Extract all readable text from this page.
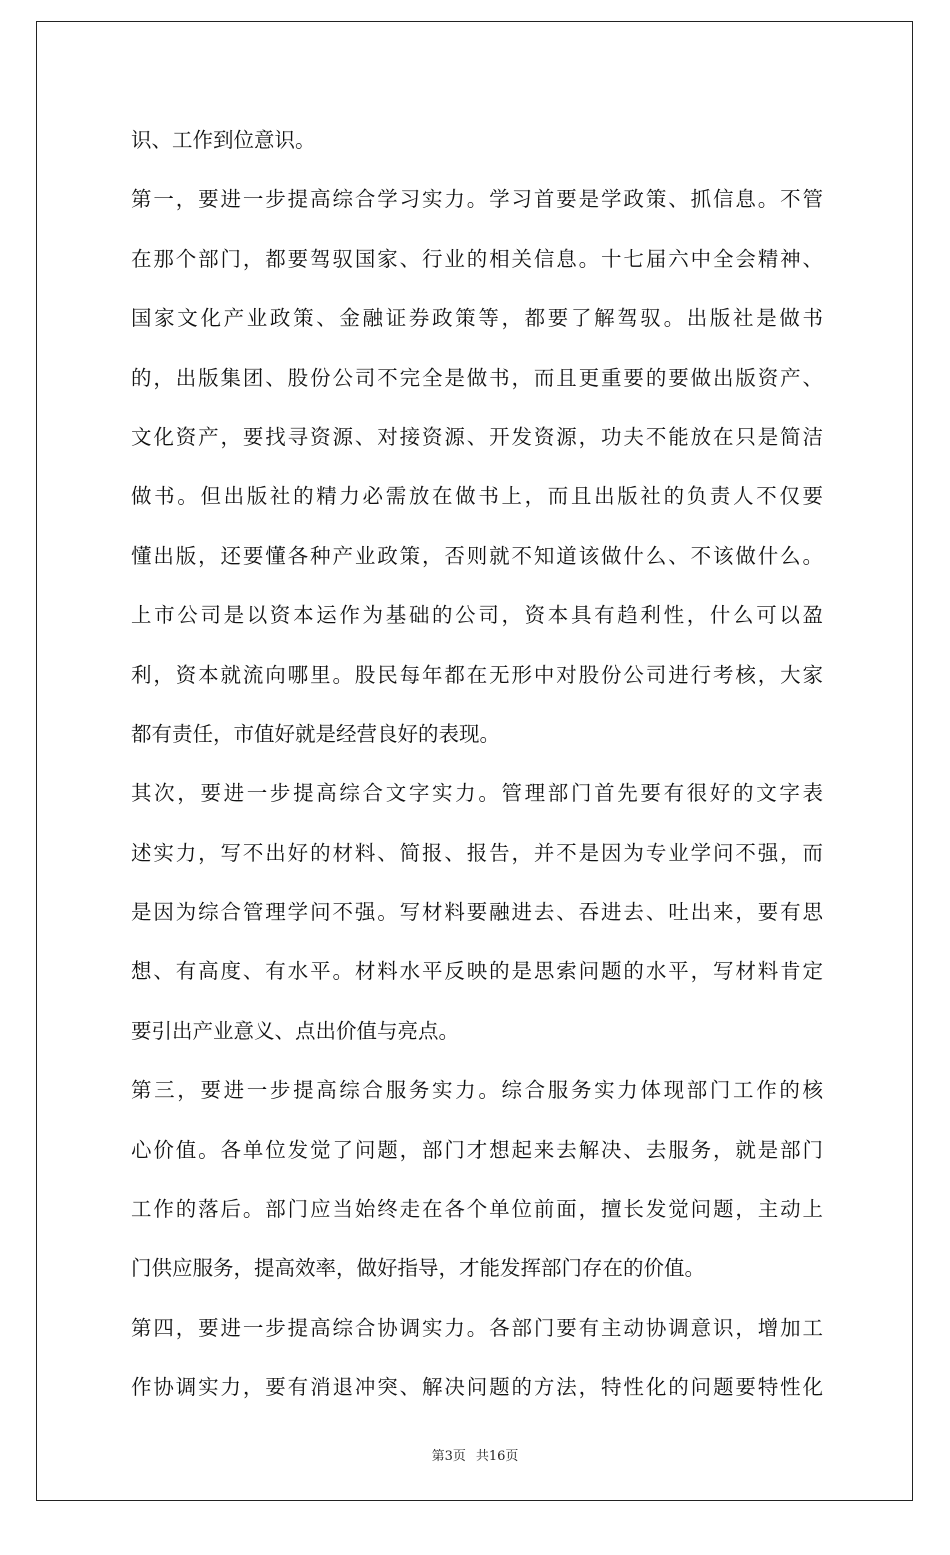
识、工作到位意识。
第一，要进一步提高综合学习实力。学习首要是学政策、抓信息。不管
在那个部门，都要驾驭国家、行业的相关信息。十七届六中全会精神、
国家文化产业政策、金融证券政策等，都要了解驾驭。出版社是做书
的，出版集团、股份公司不完全是做书，而且更重要的要做出版资产、
文化资产，要找寻资源、对接资源、开发资源，功夫不能放在只是简洁
做书。但出版社的精力必需放在做书上，而且出版社的负责人不仅要
懂出版，还要懂各种产业政策，否则就不知道该做什么、不该做什么。
上市公司是以资本运作为基础的公司，资本具有趋利性，什么可以盈
利，资本就流向哪里。股民每年都在无形中对股份公司进行考核，大家
都有责任，市值好就是经营良好的表现。
其次，要进一步提高综合文字实力。管理部门首先要有很好的文字表
述实力，写不出好的材料、简报、报告，并不是因为专业学问不强，而
是因为综合管理学问不强。写材料要融进去、吞进去、吐出来，要有思
想、有高度、有水平。材料水平反映的是思索问题的水平，写材料肯定
要引出产业意义、点出价值与亮点。
第三，要进一步提高综合服务实力。综合服务实力体现部门工作的核
心价值。各单位发觉了问题，部门才想起来去解决、去服务，就是部门
工作的落后。部门应当始终走在各个单位前面，擅长发觉问题，主动上
门供应服务，提高效率，做好指导，才能发挥部门存在的价值。
第四，要进一步提高综合协调实力。各部门要有主动协调意识，增加工
作协调实力，要有消退冲突、解决问题的方法，特性化的问题要特性化
第3页 共16页
